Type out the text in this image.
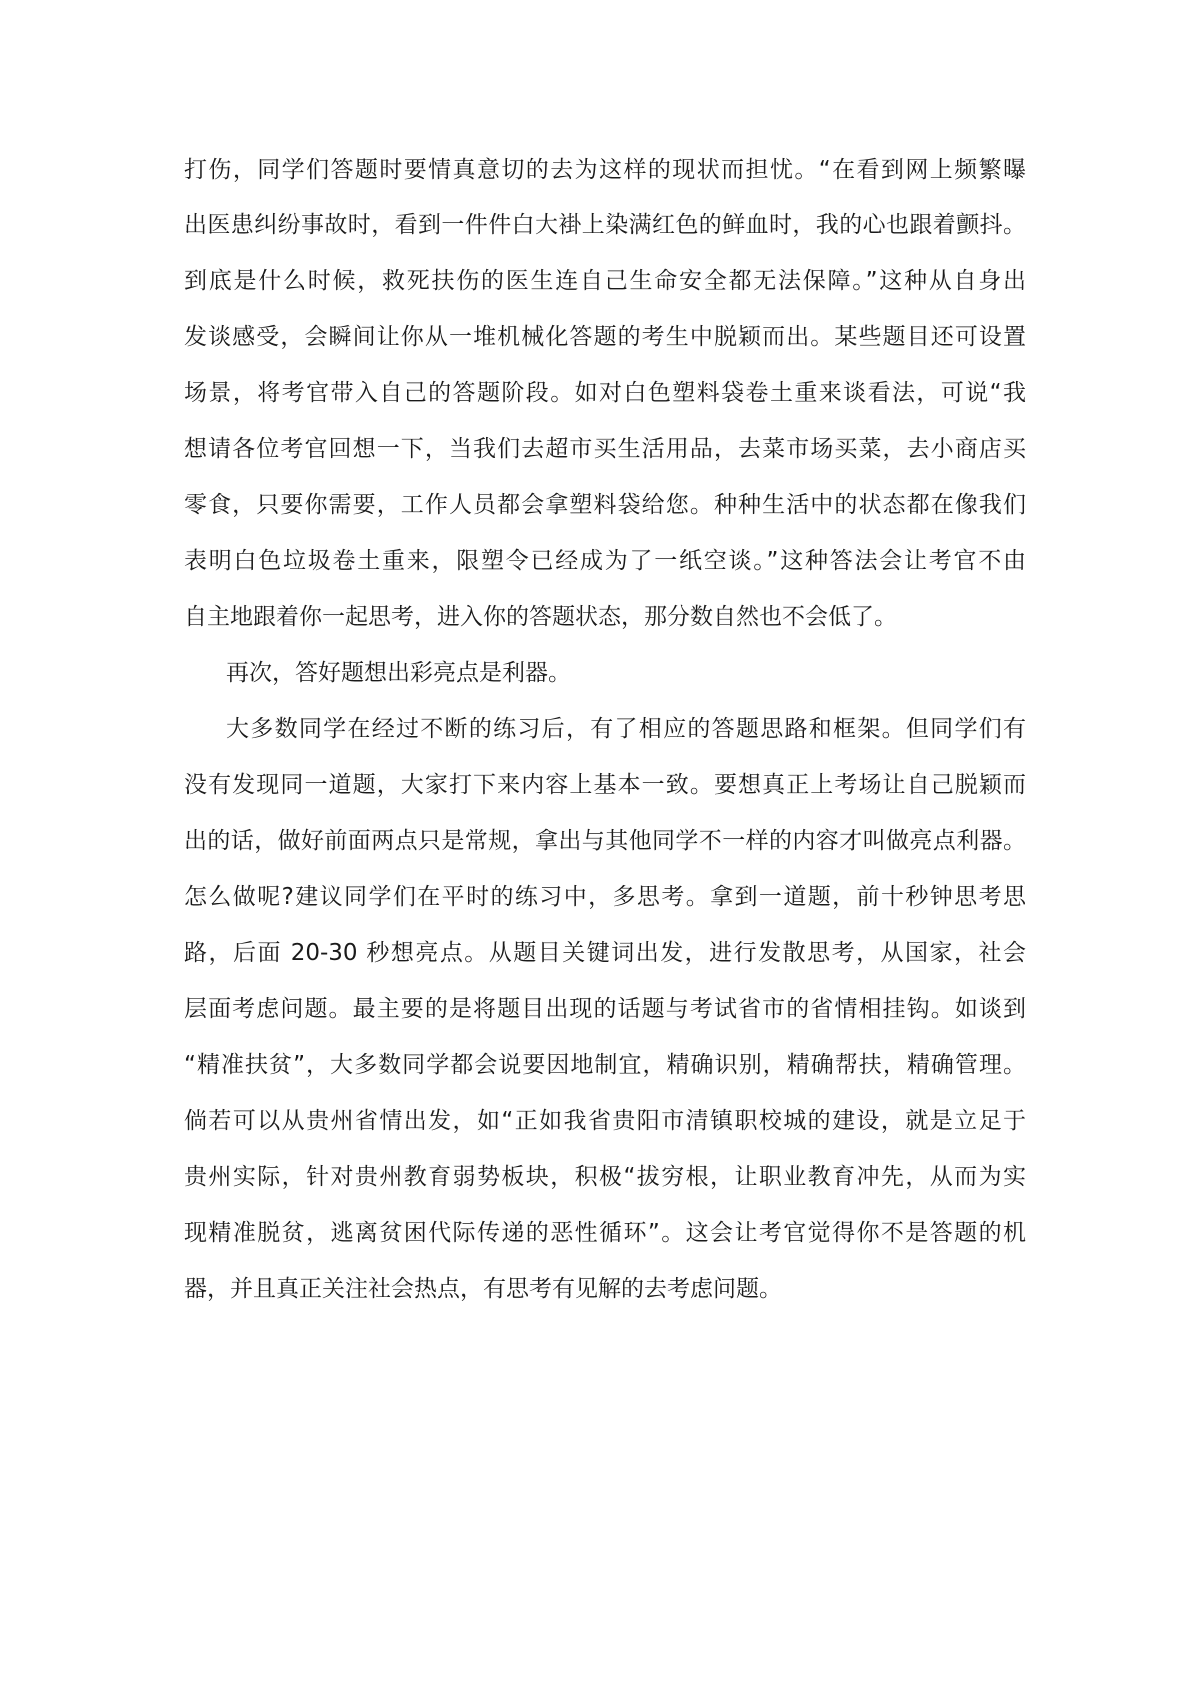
打伤，同学们答题时要情真意切的去为这样的现状而担忧。“在看到网上频繁曝
出医患纠纷事故时，看到一件件白大褂上染满红色的鲜血时，我的心也跟着颤抖。
到底是什么时候，救死扶伤的医生连自己生命安全都无法保障。”这种从自身出
发谈感受，会瞬间让你从一堆机械化答题的考生中脱颖而出。某些题目还可设置
场景，将考官带入自己的答题阶段。如对白色塑料袋卷土重来谈看法，可说“我
想请各位考官回想一下，当我们去超市买生活用品，去菜市场买菜，去小商店买
零食，只要你需要，工作人员都会拿塑料袋给您。种种生活中的状态都在像我们
表明白色垃圾卷土重来，限塑令已经成为了一纸空谈。”这种答法会让考官不由
自主地跟着你一起思考，进入你的答题状态，那分数自然也不会低了。
再次，答好题想出彩亮点是利器。
大多数同学在经过不断的练习后，有了相应的答题思路和框架。但同学们有
没有发现同一道题，大家打下来内容上基本一致。要想真正上考场让自己脱颖而
出的话，做好前面两点只是常规，拿出与其他同学不一样的内容才叫做亮点利器。
怎么做呢?建议同学们在平时的练习中，多思考。拿到一道题，前十秒钟思考思
路，后面 20-30 秒想亮点。从题目关键词出发，进行发散思考，从国家，社会
层面考虑问题。最主要的是将题目出现的话题与考试省市的省情相挂钩。如谈到
“精准扶贫”，大多数同学都会说要因地制宜，精确识别，精确帮扶，精确管理。
倘若可以从贵州省情出发，如“正如我省贵阳市清镇职校城的建设，就是立足于
贵州实际，针对贵州教育弱势板块，积极“拔穷根，让职业教育冲先，从而为实
现精准脱贫，逃离贫困代际传递的恶性循环”。这会让考官觉得你不是答题的机
器，并且真正关注社会热点，有思考有见解的去考虑问题。
